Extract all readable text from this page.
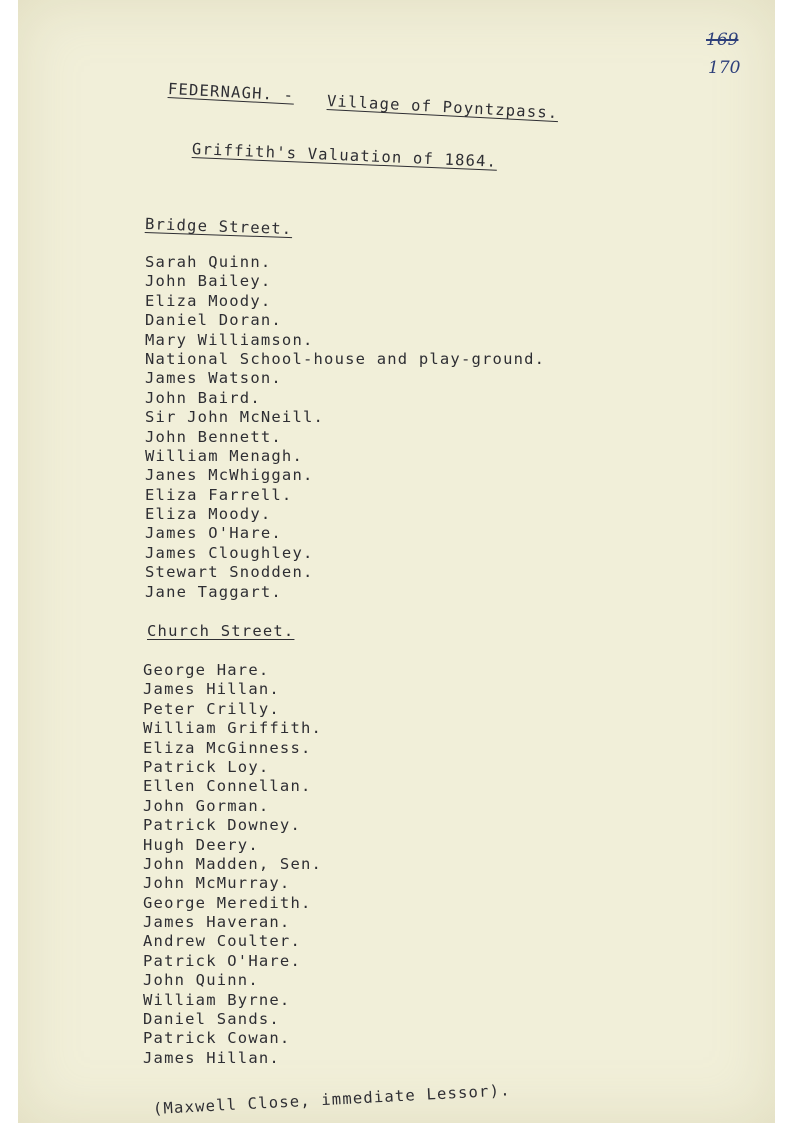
169
170
FEDERNAGH. - Village of Poyntzpass.
Griffith's Valuation of 1864.
Bridge Street.
Sarah Quinn.
John Bailey.
Eliza Moody.
Daniel Doran.
Mary Williamson.
National School-house and play-ground.
James Watson.
John Baird.
Sir John McNeill.
John Bennett.
William Menagh.
Janes McWhiggan.
Eliza Farrell.
Eliza Moody.
James O'Hare.
James Cloughley.
Stewart Snodden.
Jane Taggart.
Church Street.
George Hare.
James Hillan.
Peter Crilly.
William Griffith.
Eliza McGinness.
Patrick Loy.
Ellen Connellan.
John Gorman.
Patrick Downey.
Hugh Deery.
John Madden, Sen.
John McMurray.
George Meredith.
James Haveran.
Andrew Coulter.
Patrick O'Hare.
John Quinn.
William Byrne.
Daniel Sands.
Patrick Cowan.
James Hillan.
(Maxwell Close, immediate Lessor).
